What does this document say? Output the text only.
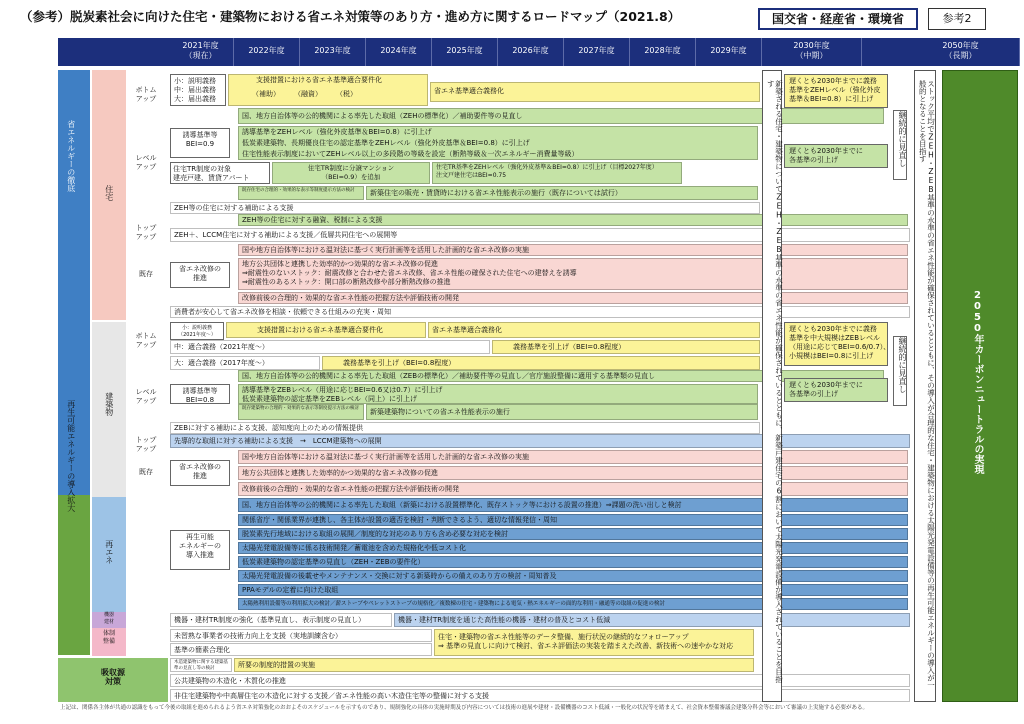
（参考）脱炭素社会に向けた住宅・建築物における省エネ対策等のあり方・進め方に関するロードマップ（2021.8）	国交省・経産省・環境省	参考2
2021年度
（現在）
2022年度	2023年度	2024年度	2025年度	2026年度	2027年度	2028年度	2029年度
2030年度
（中期）
2050年度
（長期）
省エネルギーの徹底
再生可能エネルギーの導入拡大
吸収源
対策
住宅
建築物
再エネ
機器
建材
体制
整備
ボトム
アップ
レベル
アップ
トップ
アップ
既存
小：説明義務
中：届出義務
大：届出義務
支援措置における省エネ基準適合要件化
（補助）　　　（融資）　　　（税）	省エネ基準適合義務化
国、地方自治体等の公的機関による率先した取組（ZEHの標準化）／補助要件等の見直し
誘導基準等
BEI=0.9
誘導基準をZEHレベル（強化外皮基準＆BEI=0.8）に引上げ
低炭素建築物、長期優良住宅の認定基準をZEHレベル（強化外皮基準＆BEI=0.8）に引上げ
住宅性能表示制度においてZEHレベル以上の多段階の等級を設定（断熱等級＆一次エネルギー消費量等級）
住宅TR制度の対象
建売戸建、賃貸アパート
住宅TR制度に分譲マンション
（BEI=0.9）を追加
住宅TR基準をZEHレベル（強化外皮基準＆BEI=0.8）に引上げ（目標2027年度）
注文戸建住宅はBEI=0.75
既存住宅の合理的・効果的な表示等制度提示方法の検討	新築住宅の販売・賃貸時における省エネ性能表示の施行（既存については試行）
ZEH等の住宅に対する補助による支援
ZEH等の住宅に対する融資、税制による支援
ZEH＋、LCCM住宅に対する補助による支援／低層共同住宅への展開等
省エネ改修の
推進
国や地方自治体等における温対法に基づく実行計画等を活用した計画的な省エネ改修の実施
地方公共団体と連携した効率的かつ効果的な省エネ改修の促進
⇒耐震性のないストック：耐震改修と合わせた省エネ改修、省エネ性能の確保された住宅への建替えを誘導
⇒耐震性のあるストック：開口部の断熱改修や部分断熱改修の推進
改修前後の合理的・効果的な省エネ性能の把握方法や評価技術の開発
消費者が安心して省エネ改修を相談・依頼できる仕組みの充実・周知
遅くとも2030年までに義務
基準をZEHレベル（強化外皮
基準＆BEI=0.8）に引上げ
遅くとも2030年までに
各基準の引上げ	継続的に見直し
ボトム
アップ
レベル
アップ
トップ
アップ
既存
小：説明義務
（2021年度～）
支援措置における省エネ基準適合要件化	省エネ基準適合義務化
中：適合義務（2021年度～）	義務基準を引上げ（BEI=0.8程度）
大：適合義務（2017年度～）	義務基準を引上げ（BEI=0.8程度）
国、地方自治体等の公的機関による率先した取組（ZEBの標準化）／補助要件等の見直し／官庁施設整備に適用する基準類の見直し
誘導基準等
BEI=0.8
誘導基準をZEBレベル（用途に応じBEI=0.6又は0.7）に引上げ
低炭素建築物の認定基準をZEBレベル（同上）に引上げ
既存建築物の合理的・効果的な表示等制度提示方法の検討	新築建築物についての省エネ性能表示の施行
ZEBに対する補助による支援、認知度向上のための情報提供
先導的な取組に対する補助による支援　→　LCCM建築物への展開
省エネ改修の
推進
国や地方自治体等における温対法に基づく実行計画等を活用した計画的な省エネ改修の実施
地方公共団体と連携した効率的かつ効果的な省エネ改修の促進
改修前後の合理的・効果的な省エネ性能の把握方法や評価技術の開発
遅くとも2030年までに義務
基準を中大規模はZEBレベル
（用途に応じてBEI=0.6/0.7）、
小規模はBEI=0.8に引上げ
遅くとも2030年までに
各基準の引上げ
継続的に見直し
再生可能
エネルギーの
導入推進
国、地方自治体等の公的機関による率先した取組（新築における設置標準化、既存ストック等における設置の推進）⇒課題の洗い出しと検討
関係省庁・関係業界が連携し、各主体が設置の適否を検討・判断できるよう、適切な情報発信・周知
脱炭素先行地域における取組の展開／制度的な対応のあり方も含め必要な対応を検討
太陽光発電設備等に係る技術開発／蓄電池を含めた規格化や低コスト化
低炭素建築物の認定基準の見直し（ZEH・ZEBの要件化）
太陽光発電設備の後載せやメンテナンス・交換に対する新築時からの備えのあり方の検討・周知普及
PPAモデルの定着に向けた取組
太陽熱利用設備等の利用拡大の検討／薪ストーブやペレットストーブの規格化／複数棟の住宅・建築物による電気・熱エネルギーの面的な利用・融通等の取組の促進の検討
機器・建材TR制度の強化（基準見直し、表示制度の見直し）	機器・建材TR制度を通じた高性能の機器・建材の普及とコスト低減
未習熟な事業者の技術力向上を支援（実地訓練含む）
基準の簡素合理化
住宅・建築物の省エネ性能等のデータ整備、施行状況の継続的なフォローアップ
⇒ 基準の見直しに向けて検討、省エネ評価法の実装を踏まえた改善、新技術への速やかな対応
木造建築物に関する建築基準の見直し等の検討	所要の制度的措置の実施
公共建築物の木造化・木質化の推進
非住宅建築物や中高層住宅の木造化に対する支援／省エネ性能の高い木造住宅等の整備に対する支援
新築される住宅・建築物についてZEH・ZEB基準の水準の省エネ性能が確保されているとともに、新築戸建住宅の6割において太陽光発電設備が導入されていることを目指す	ストック平均でZEH・ZEB基準の水準の省エネ性能が確保されているとともに、その導入が合理的な住宅・建築物における太陽光発電設備等の再生可能エネルギーの導入が一般的となることを目指す
2050年カーボンニュートラルの実現
上記は、関係各主体が共通の認識をもって今後の取組を進められるよう省エネ対策強化のおおよそのスケジュールを示すものであり、規制強化の具体の実施時期及び内容については技術の進展や建材・設備機器のコスト低減・一般化の状況等を踏まえて、社会資本整備審議会建築分科会等において審議の上実施する必要がある。
